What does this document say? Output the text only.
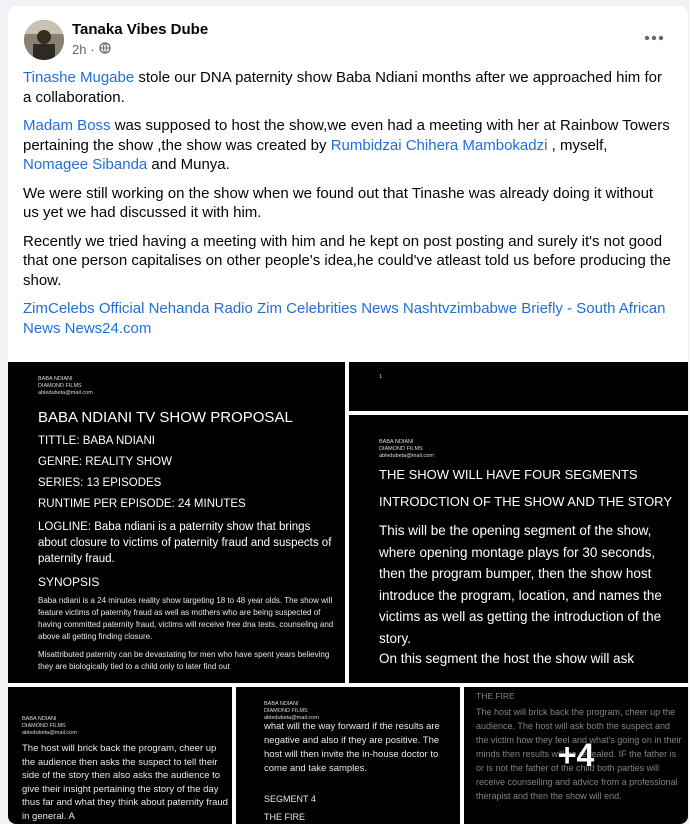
Tanaka Vibes Dube
2h ·

Tinashe Mugabe stole our DNA paternity show Baba Ndiani months after we approached him for a collaboration.

Madam Boss was supposed to host the show,we even had a meeting with her at Rainbow Towers pertaining the show ,the show was created by Rumbidzai Chihera Mambokadzi , myself, Nomagee Sibanda and Munya.

We were still working on the show when we found out that Tinashe was already doing it without us yet we had discussed it with him.

Recently we tried having a meeting with him and he kept on post posting and surely it's not good that one person capitalises on other people's idea,he could've atleast told us before producing the show.

ZimCelebs Official Nehanda Radio Zim Celebrities News Nashtvzimbabwe Briefly - South African News News24.com

BABA NDIANI
DIAMOND FILMS
abledubeta@mail.com
BABA NDIANI TV SHOW PROPOSAL
TITTLE: BABA NDIANI
GENRE: REALITY SHOW
SERIES: 13 EPISODES
RUNTIME PER EPISODE: 24 MINUTES
LOGLINE: Baba ndiani is a paternity show that brings about closure to victims of paternity fraud and suspects of paternity fraud.
SYNOPSIS
Baba ndiani is a 24 minutes reality show targeting 18 to 48 year olds. The show will feature victims of paternity fraud as well as mothers who are being suspected of having committed paternity fraud, victims will receive free dna tests, counseling and above all getting finding closure.
Misattributed paternity can be devastating for men who have spent years believing they are biologically tied to a child only to later find out
1
BABA NDIANI
DIAMOND FILMS
abledubeta@mail.com
THE SHOW WILL HAVE FOUR SEGMENTS
INTRODCTION OF THE SHOW AND THE STORY
This will be the opening segment of the show, where opening montage plays for 30 seconds, then the program bumper, then the show host introduce the program, location, and names the victims as well as getting the introduction of the story.
On this segment the host the show will ask
BABA NDIANI
DIAMOND FILMS
abledubeta@mail.com
The host will brick back the program, cheer up the audience then asks the suspect to tell their side of the story then also asks the audience to give their insight pertaining the story of the day thus far and what they think about paternity fraud in general. A
BABA NDIANI
DIAMOND FILMS
abledubeta@mail.com
what will the way forward if the results are negative and also if they are positive. The host will then invite the in-house doctor to come and take samples.
SEGMENT 4
THE FIRE
THE FIRE
The host will brick back the program, cheer up the audience. The host will ask both the suspect and the victim how they feel and what's going on in their minds then results will be revealed. IF the father is or is not the father of the child both parties will receive counselling and advice from a professional therapist and then the show will end.
+4
